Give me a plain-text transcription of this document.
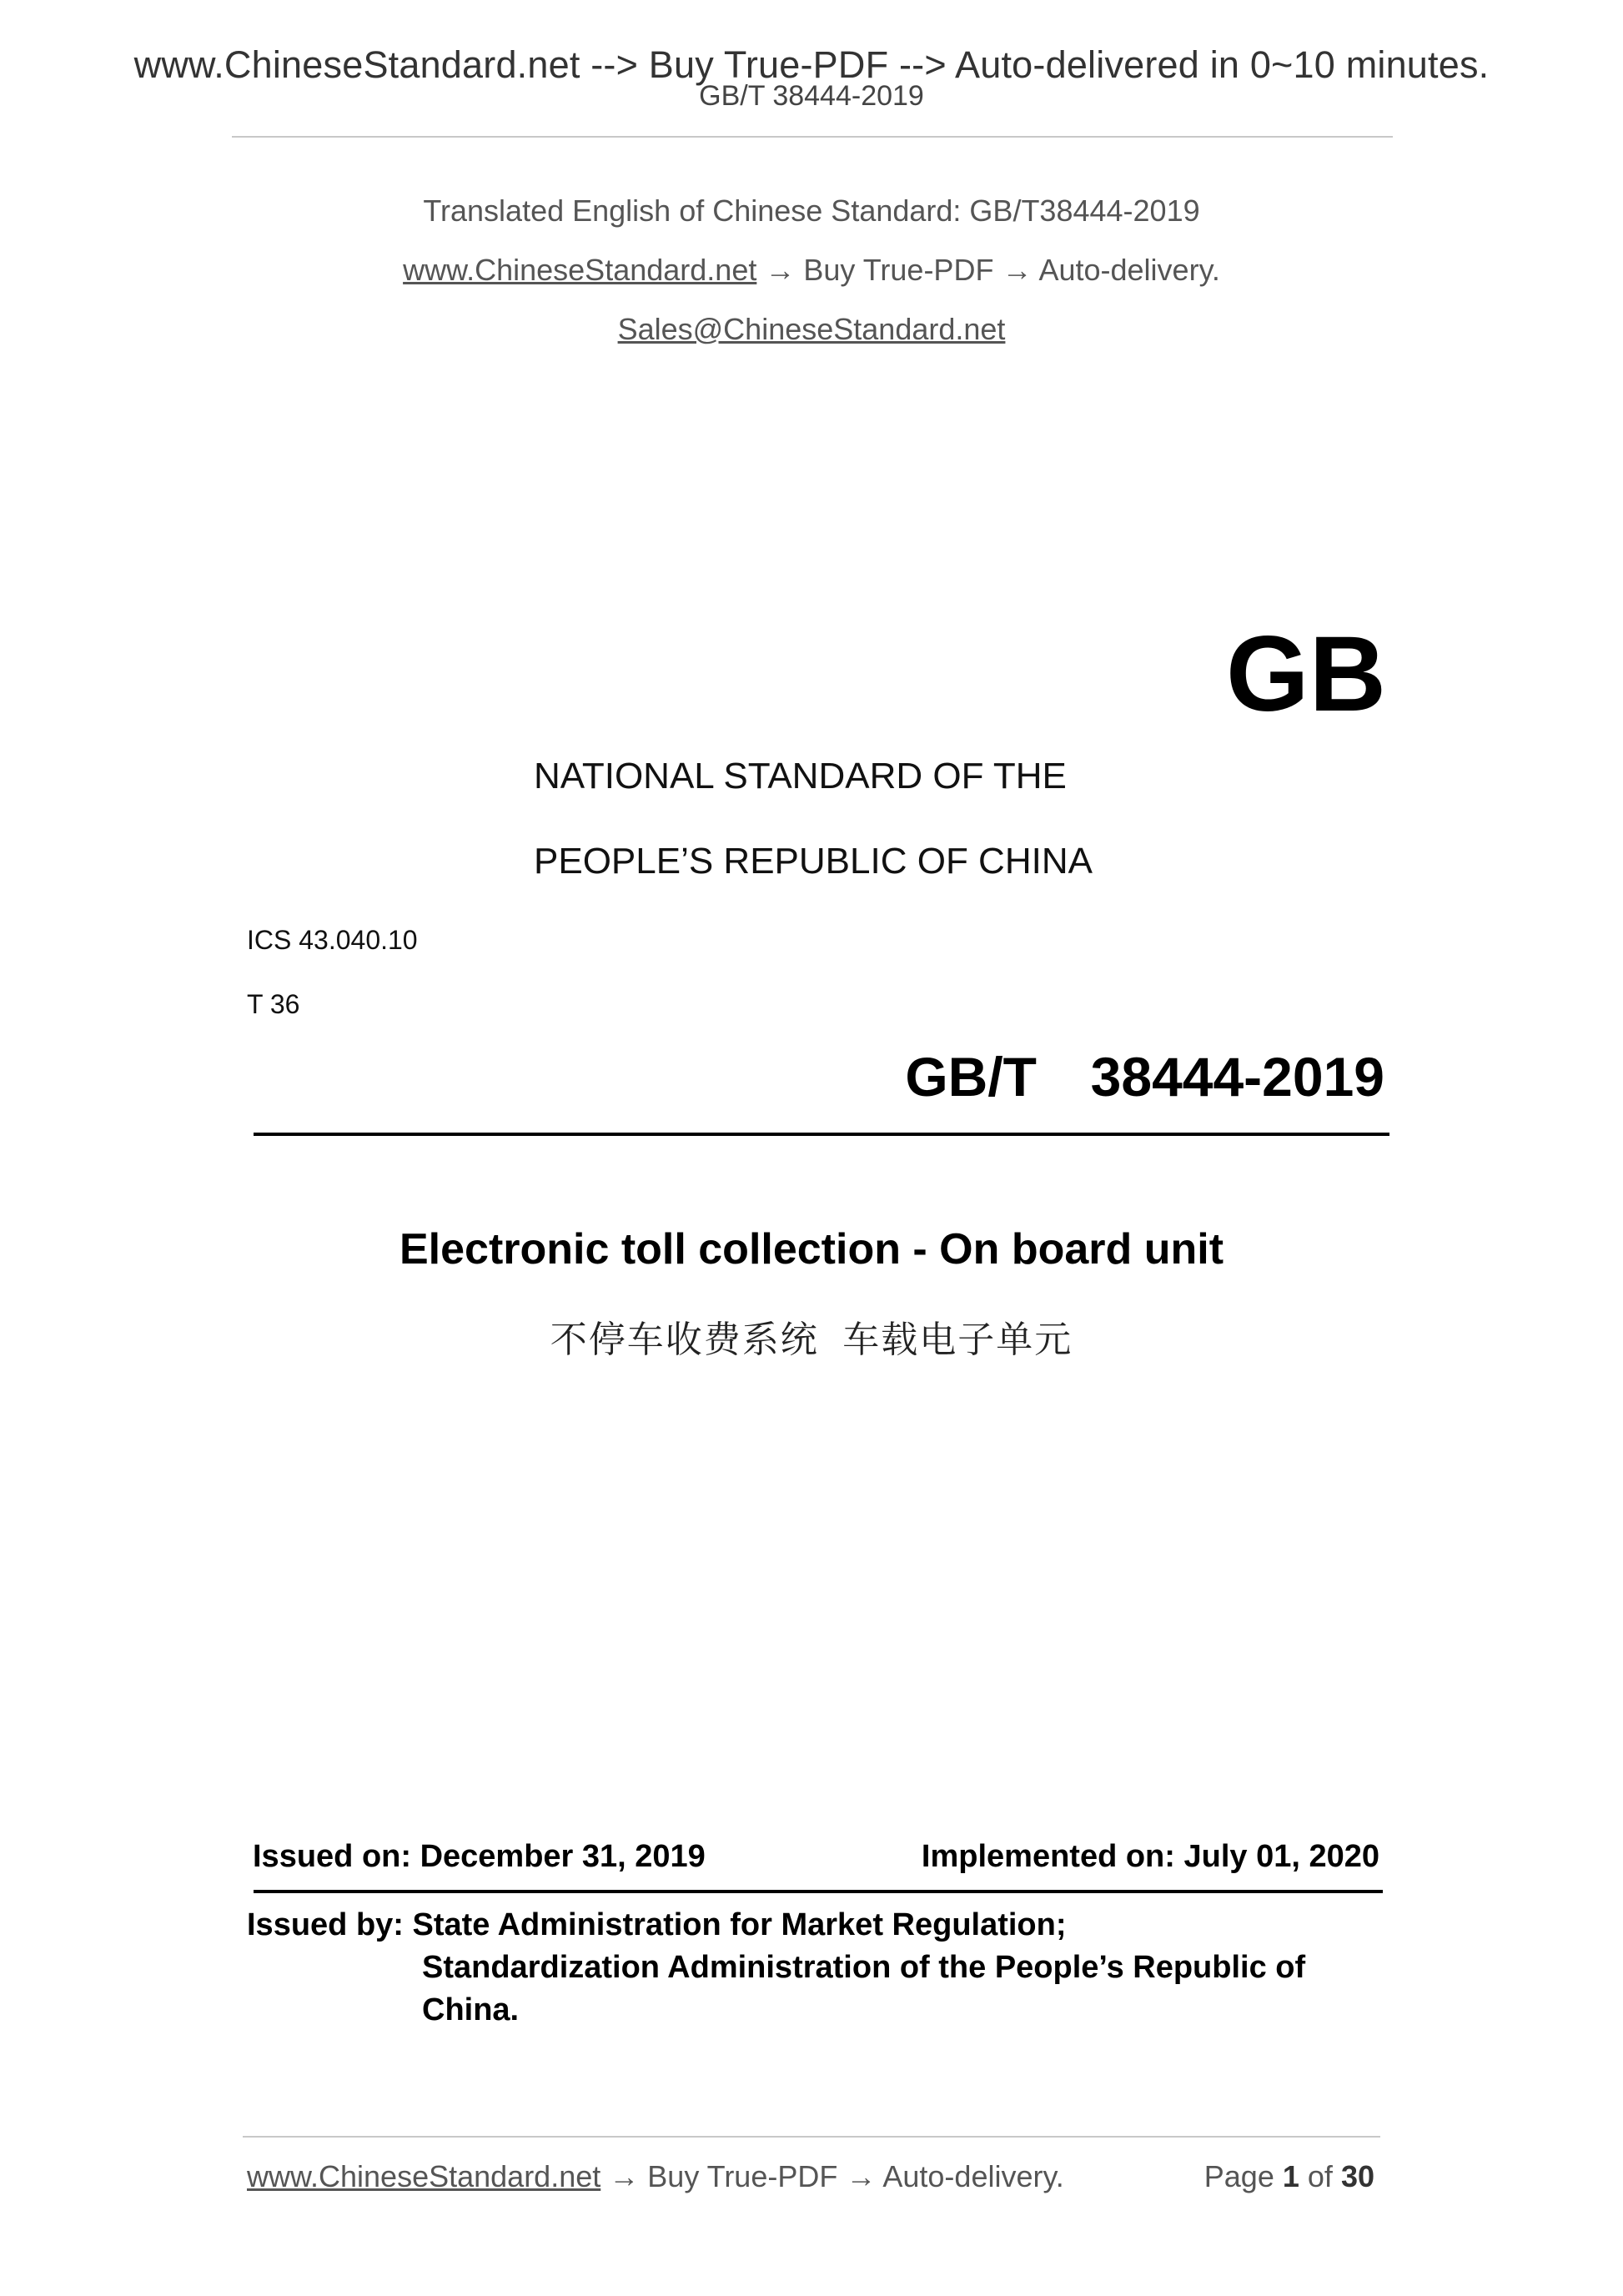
www.ChineseStandard.net --> Buy True-PDF --> Auto-delivered in 0~10 minutes.
GB/T 38444-2019
Translated English of Chinese Standard: GB/T38444-2019
www.ChineseStandard.net → Buy True-PDF → Auto-delivery.
Sales@ChineseStandard.net
GB
NATIONAL STANDARD OF THE
PEOPLE’S REPUBLIC OF CHINA
ICS 43.040.10
T 36
GB/T  38444-2019
Electronic toll collection - On board unit
不停车收费系统  车载电子单元
Issued on: December 31, 2019	Implemented on: July 01, 2020
Issued by: State Administration for Market Regulation;
Standardization Administration of the People’s Republic of
China.
www.ChineseStandard.net → Buy True-PDF → Auto-delivery.	Page 1 of 30
